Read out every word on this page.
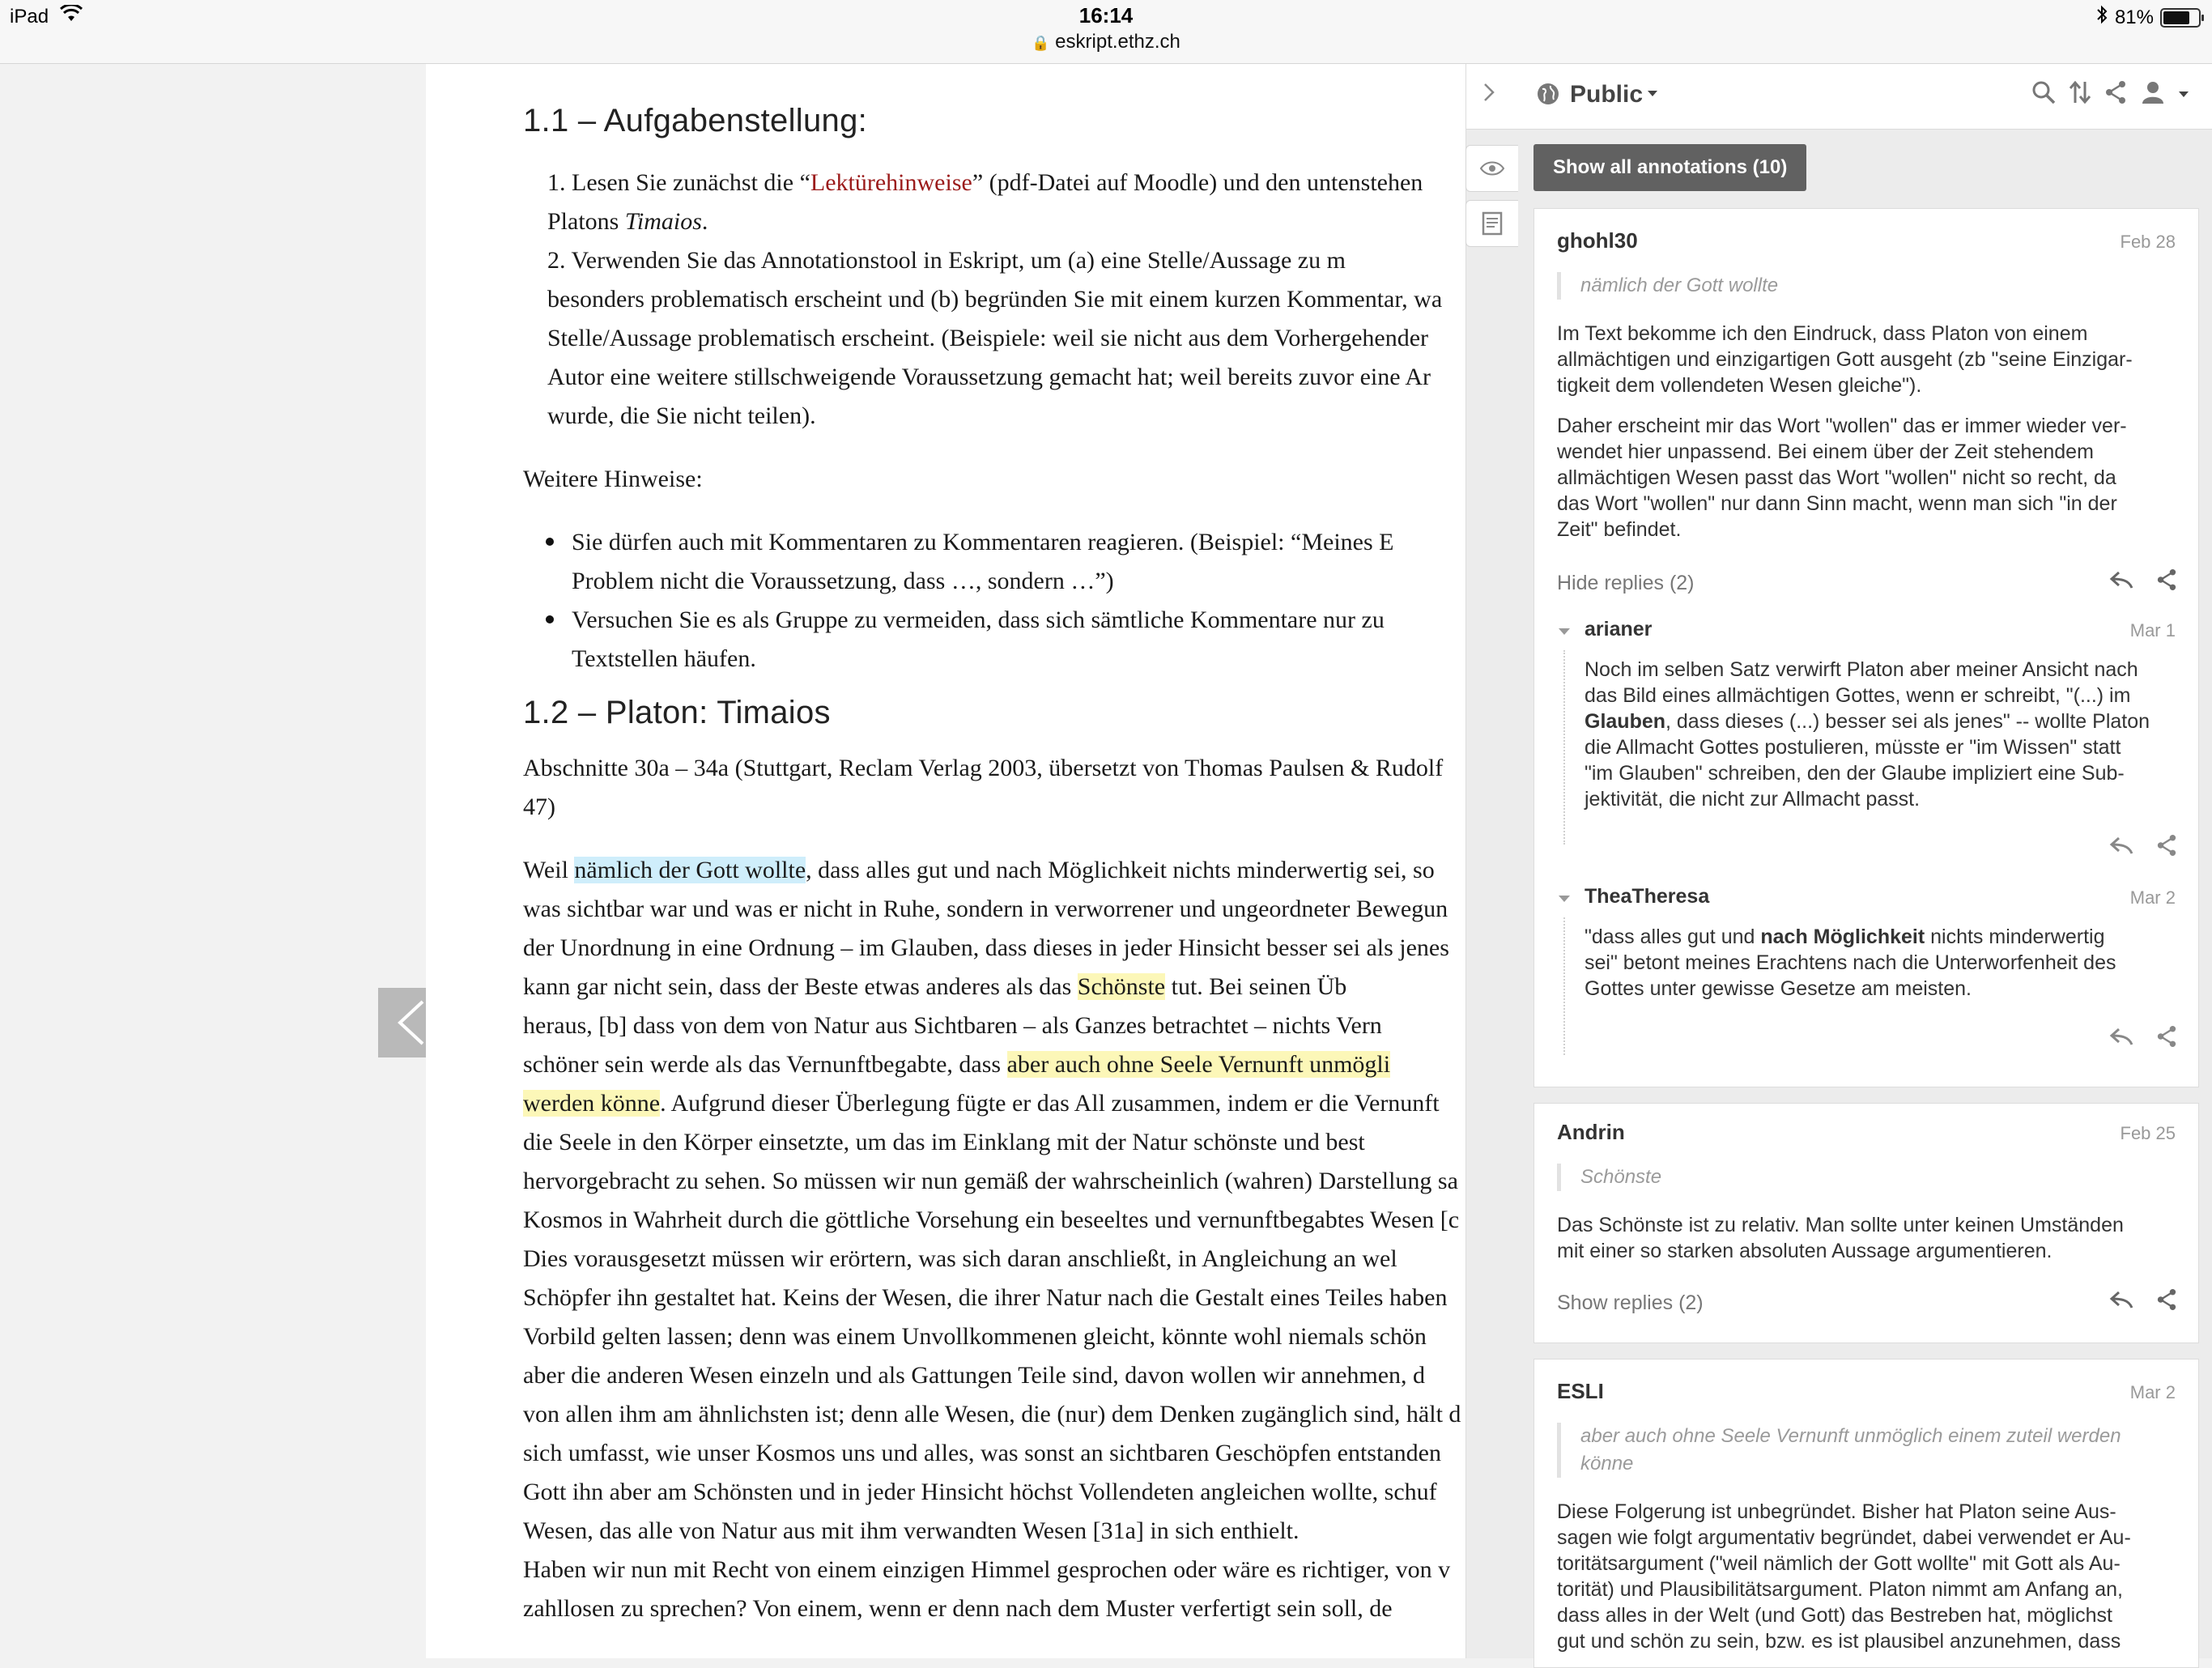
iPad	16:14
🔒 eskript.ethz.ch
81%
1.1 – Aufgabenstellung:

1. Lesen Sie zunächst die “Lektürehinweise” (pdf-Datei auf Moodle) und den untenstehen

Platons Timaios.

2. Verwenden Sie das Annotationstool in Eskript, um (a) eine Stelle/Aussage zu m

besonders problematisch erscheint und (b) begründen Sie mit einem kurzen Kommentar, wa

Stelle/Aussage problematisch erscheint. (Beispiele: weil sie nicht aus dem Vorhergehender

Autor eine weitere stillschweigende Voraussetzung gemacht hat; weil bereits zuvor eine Ar

wurde, die Sie nicht teilen).

Weitere Hinweise:

Sie dürfen auch mit Kommentaren zu Kommentaren reagieren. (Beispiel: “Meines E

Problem nicht die Voraussetzung, dass …, sondern …”)

Versuchen Sie es als Gruppe zu vermeiden, dass sich sämtliche Kommentare nur zu

Textstellen häufen.

1.2 – Platon: Timaios

Abschnitte 30a – 34a (Stuttgart, Reclam Verlag 2003, übersetzt von Thomas Paulsen & Rudolf

47)

Weil nämlich der Gott wollte, dass alles gut und nach Möglichkeit nichts minderwertig sei, so

was sichtbar war und was er nicht in Ruhe, sondern in verworrener und ungeordneter Bewegun

der Unordnung in eine Ordnung – im Glauben, dass dieses in jeder Hinsicht besser sei als jenes

kann gar nicht sein, dass der Beste etwas anderes als das Schönste tut. Bei seinen Üb

heraus, [b] dass von dem von Natur aus Sichtbaren – als Ganzes betrachtet – nichts Vern

schöner sein werde als das Vernunftbegabte, dass aber auch ohne Seele Vernunft unmögli

werden könne. Aufgrund dieser Überlegung fügte er das All zusammen, indem er die Vernunft

die Seele in den Körper einsetzte, um das im Einklang mit der Natur schönste und best

hervorgebracht zu sehen. So müssen wir nun gemäß der wahrscheinlich (wahren) Darstellung sa

Kosmos in Wahrheit durch die göttliche Vorsehung ein beseeltes und vernunftbegabtes Wesen [c

Dies vorausgesetzt müssen wir erörtern, was sich daran anschließt, in Angleichung an wel

Schöpfer ihn gestaltet hat. Keins der Wesen, die ihrer Natur nach die Gestalt eines Teiles haben

Vorbild gelten lassen; denn was einem Unvollkommenen gleicht, könnte wohl niemals schön

aber die anderen Wesen einzeln und als Gattungen Teile sind, davon wollen wir annehmen, d

von allen ihm am ähnlichsten ist; denn alle Wesen, die (nur) dem Denken zugänglich sind, hält d

sich umfasst, wie unser Kosmos uns und alles, was sonst an sichtbaren Geschöpfen entstanden

Gott ihn aber am Schönsten und in jeder Hinsicht höchst Vollendeten angleichen wollte, schuf

Wesen, das alle von Natur aus mit ihm verwandten Wesen [31a] in sich enthielt.

Haben wir nun mit Recht von einem einzigen Himmel gesprochen oder wäre es richtiger, von v

zahllosen zu sprechen? Von einem, wenn er denn nach dem Muster verfertigt sein soll, de

Public
Show all annotations (10)
ghohl30	Feb 28
nämlich der Gott wollte

Im Text bekomme ich den Eindruck, dass Platon von einem
allmächtigen und einzigartigen Gott ausgeht (zb "seine Einzigar-
tigkeit dem vollendeten Wesen gleiche").

Daher erscheint mir das Wort "wollen" das er immer wieder ver-
wendet hier unpassend. Bei einem über der Zeit stehendem
allmächtigen Wesen passt das Wort "wollen" nicht so recht, da
das Wort "wollen" nur dann Sinn macht, wenn man sich "in der
Zeit" befindet.

Hide replies (2)
arianer	Mar 1
Noch im selben Satz verwirft Platon aber meiner Ansicht nach
das Bild eines allmächtigen Gottes, wenn er schreibt, "(...) im
Glauben, dass dieses (...) besser sei als jenes" -- wollte Platon
die Allmacht Gottes postulieren, müsste er "im Wissen" statt
"im Glauben" schreiben, den der Glaube impliziert eine Sub-
jektivität, die nicht zur Allmacht passt.
TheaTheresa	Mar 2
"dass alles gut und nach Möglichkeit nichts minderwertig
sei" betont meines Erachtens nach die Unterworfenheit des
Gottes unter gewisse Gesetze am meisten.
Andrin	Feb 25
Schönste
Das Schönste ist zu relativ. Man sollte unter keinen Umständen
mit einer so starken absoluten Aussage argumentieren.
Show replies (2)
ESLI	Mar 2
aber auch ohne Seele Vernunft unmöglich einem zuteil werden
könne
Diese Folgerung ist unbegründet. Bisher hat Platon seine Aus-
sagen wie folgt argumentativ begründet, dabei verwendet er Au-
toritätsargument ("weil nämlich der Gott wollte" mit Gott als Au-
torität) und Plausibilitätsargument. Platon nimmt am Anfang an,
dass alles in der Welt (und Gott) das Bestreben hat, möglichst
gut und schön zu sein, bzw. es ist plausibel anzunehmen, dass
